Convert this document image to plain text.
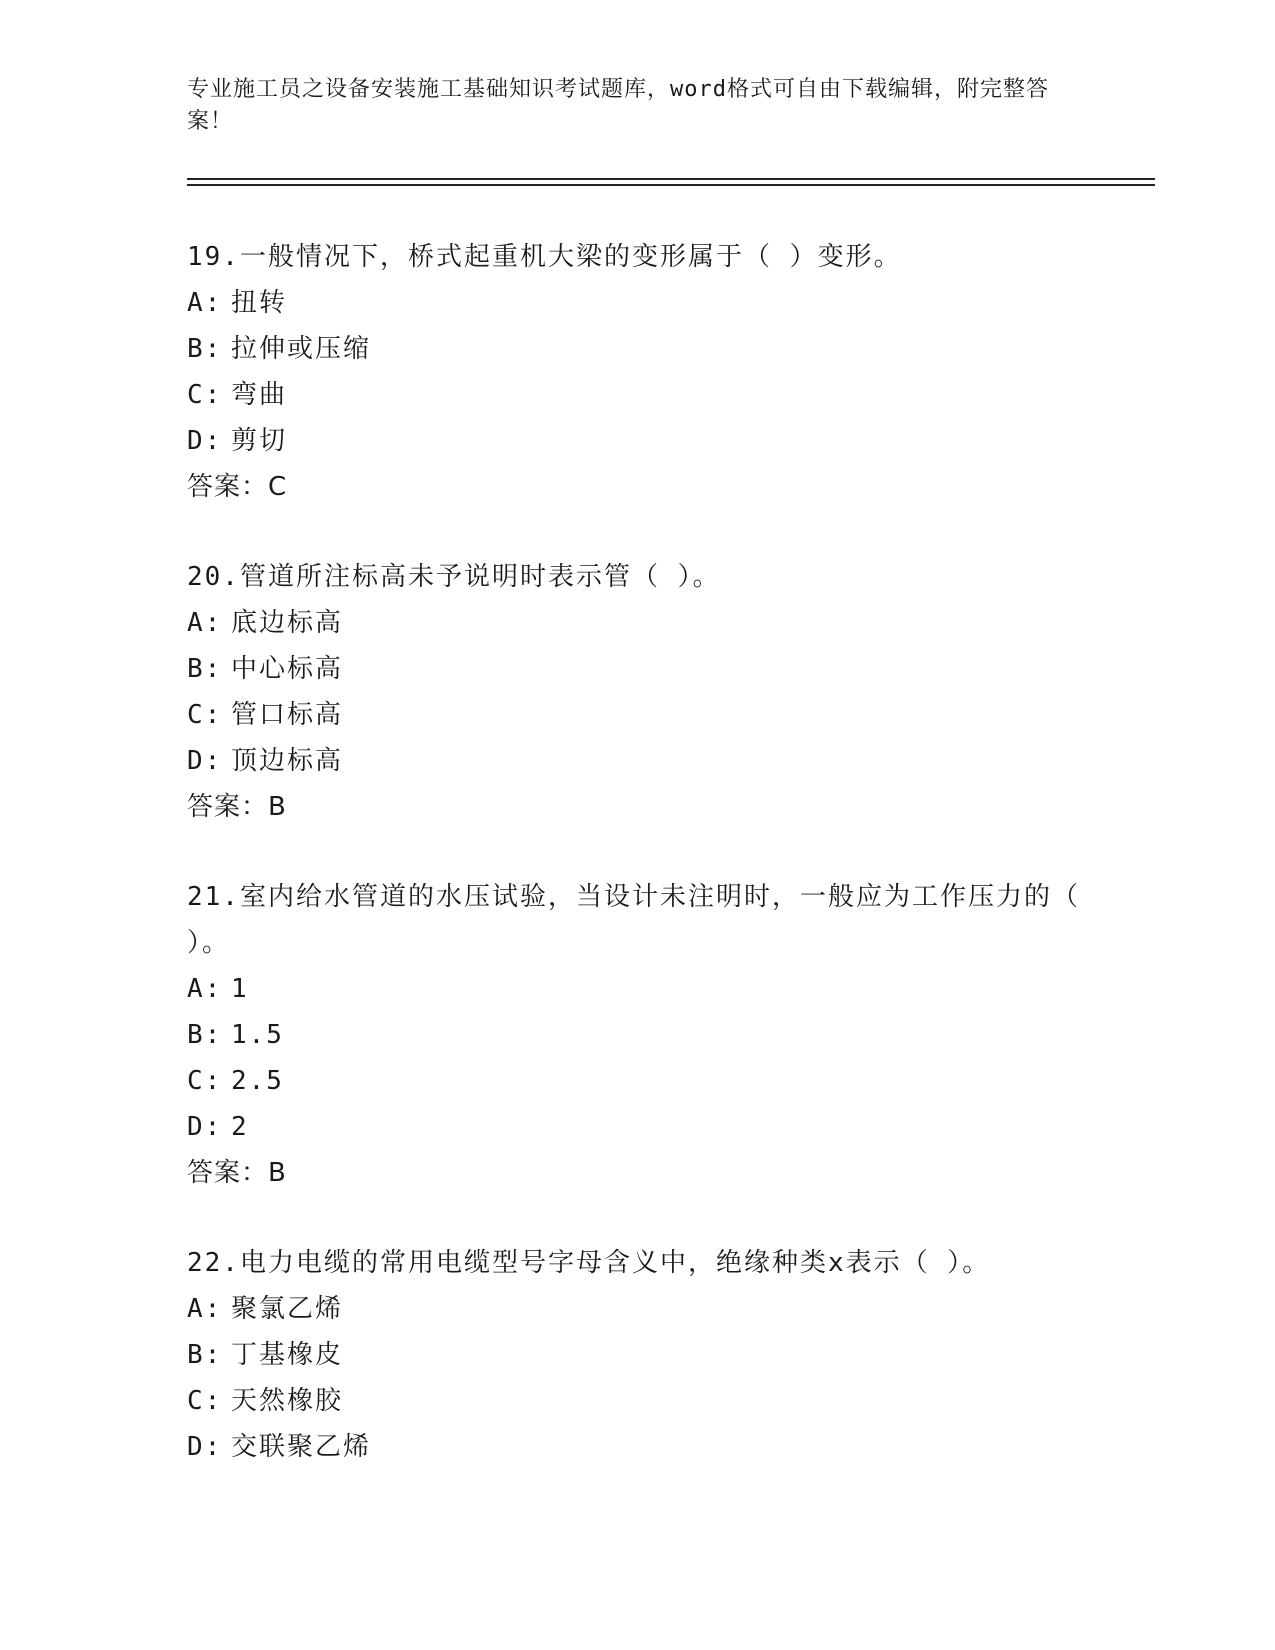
专业施工员之设备安装施工基础知识考试题库，word格式可自由下载编辑，附完整答案！

19.一般情况下，桥式起重机大梁的变形属于（ ）变形。

A: 扭转
B: 拉伸或压缩
C: 弯曲
D: 剪切

答案：C

20.管道所注标高未予说明时表示管（ ）。

A: 底边标高
B: 中心标高
C: 管口标高
D: 顶边标高

答案：B

21.室内给水管道的水压试验，当设计未注明时，一般应为工作压力的（ ）。

A: 1
B: 1.5
C: 2.5
D: 2

答案：B

22.电力电缆的常用电缆型号字母含义中，绝缘种类x表示（ ）。

A: 聚氯乙烯
B: 丁基橡皮
C: 天然橡胶
D: 交联聚乙烯
